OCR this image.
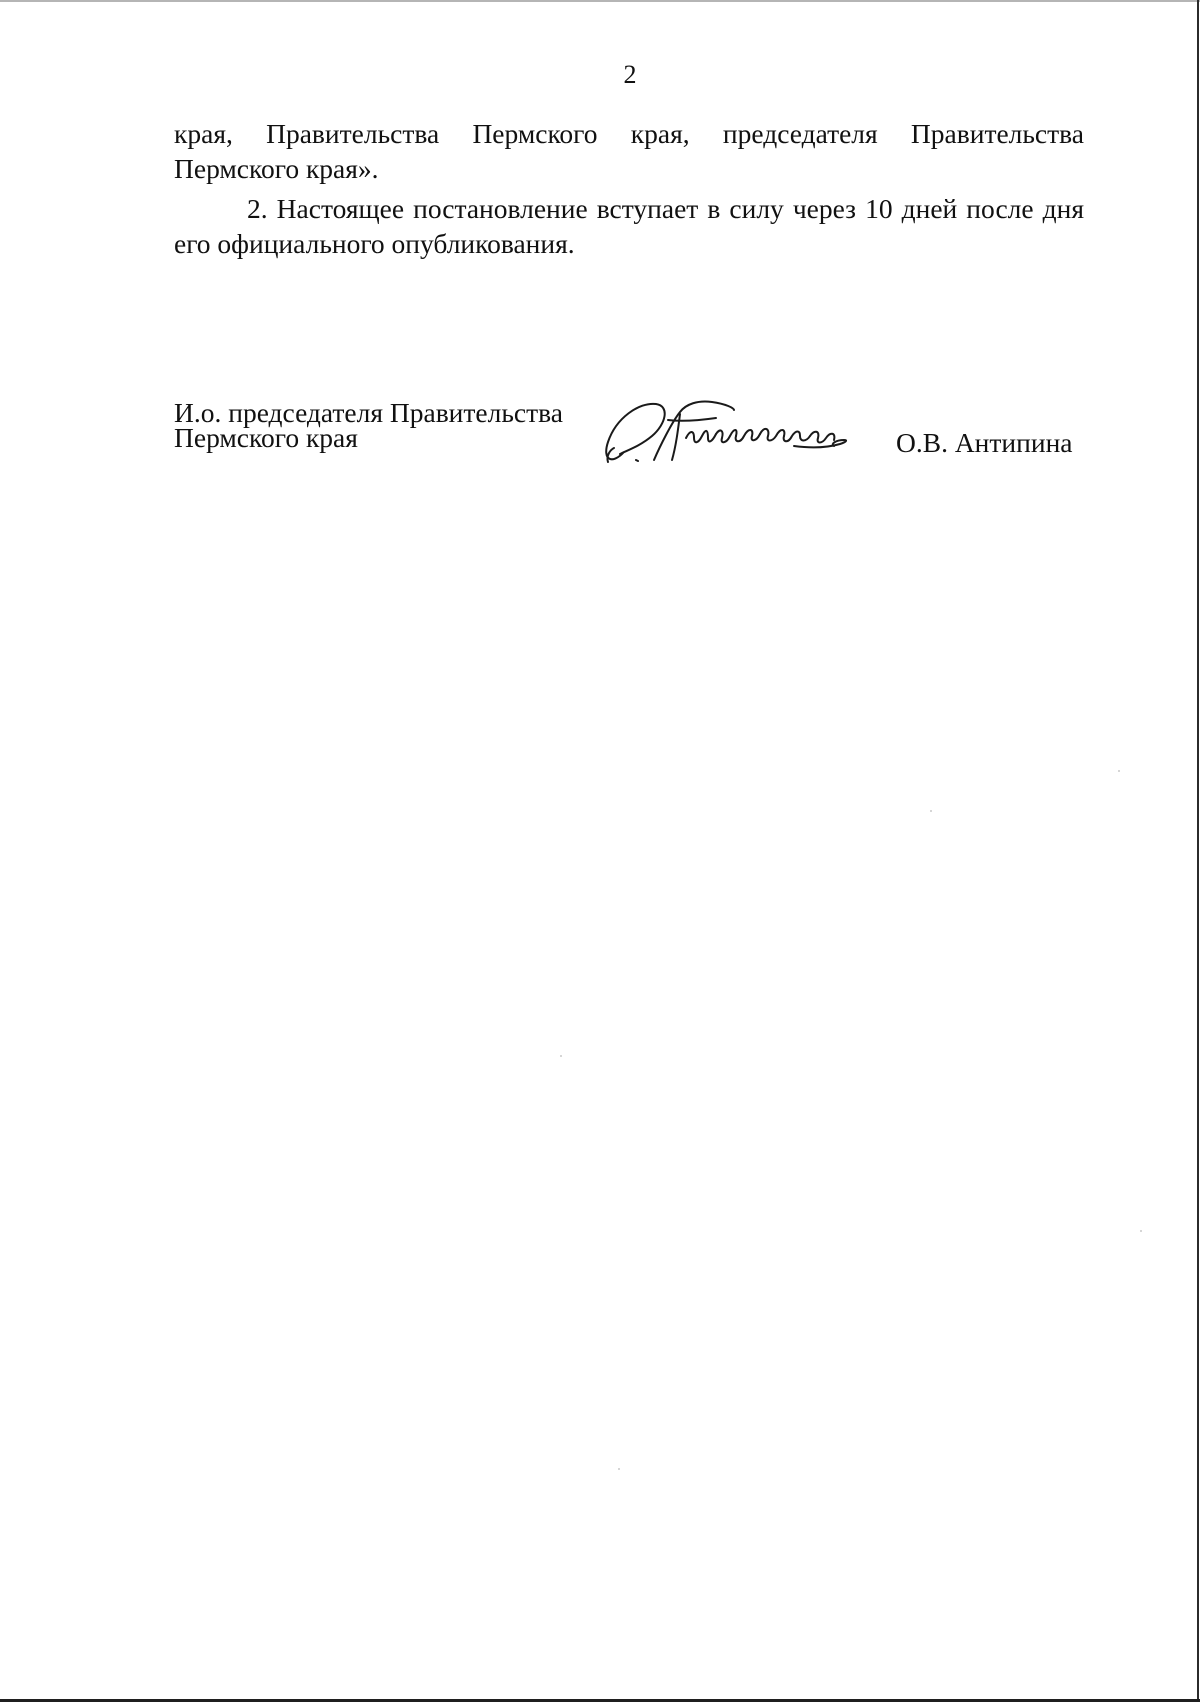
2

края, Правительства Пермского края, председателя Правительства
Пермского края».

2. Настоящее постановление вступает в силу через 10 дней после дня
его официального опубликования.

И.о. председателя Правительства
Пермского края	О.В. Антипина
